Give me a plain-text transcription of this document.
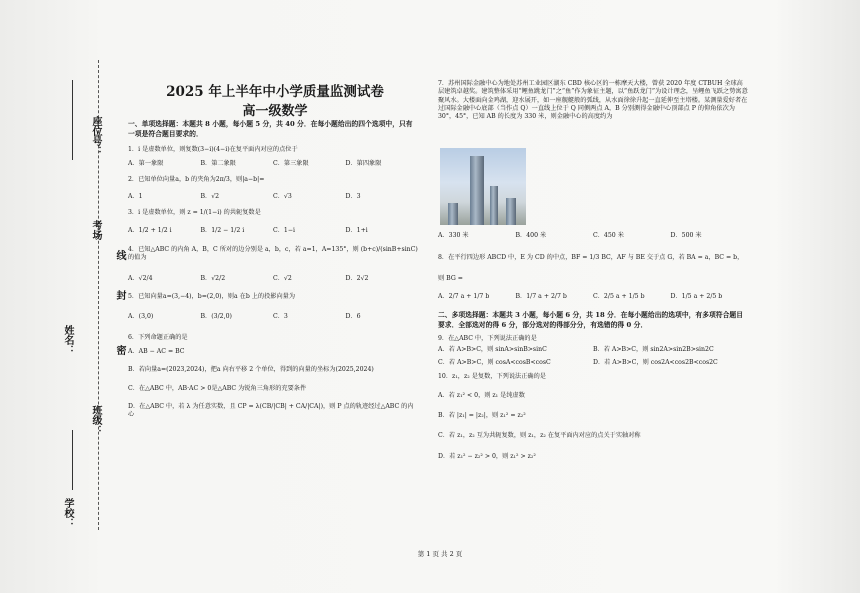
座位号：
考场
线
封
姓名：	密
班级：
学校：
2025 年上半年中小学质量监测试卷
高一级数学
一、单项选择题：本题共 8 小题，每小题 5 分，共 40 分．在每小题给出的四个选项中，只有一项是符合题目要求的．

1．i 是虚数单位，则复数(3−i)(4−i)在复平面内对应的点位于

A．第一象限	B．第二象限	C．第三象限	D．第四象限

2．已知单位向量a，b 的夹角为2π/3，则|a−b|=

A．1	B．√2	C．√3	D．3

3．i 是虚数单位，则 z = 1/(1−i) 的共轭复数是

A．1/2 + 1/2 i	B．1/2 − 1/2 i	C．1−i	D．1+i

4．已知△ABC 的内角 A，B，C 所对的边分别是 a，b，c，若 a=1，A=135°，则 (b+c)/(sinB+sinC) 的值为

A．√2/4	B．√2/2	C．√2	D．2√2

5．已知向量a=(3,−4)，b=(2,0)，则a 在b 上的投影向量为

A．(3,0)	B．(3/2,0)	C．3	D．6

6．下列命题正确的是

A．AB − AC = BC

B．若向量a=(2023,2024)，把a 向右平移 2 个单位，得到的向量的坐标为(2025,2024)

C．在△ABC 中，AB·AC > 0是△ABC 为锐角三角形的充要条件

D．在△ABC 中，若 λ 为任意实数，且 CP = λ(CB/|CB| + CA/|CA|)，则 P 点的轨迹经过△ABC 的内心

7．苏州国际金融中心为地处苏州工业园区湖东 CBD 核心区的一栋摩天大楼，曾获 2020 年度 CTBUH 全球高层建筑卓越奖。建筑整体采用“鲤鱼跳龙门”之“鱼”作为象征主题，以“鱼跃龙门”为设计理念，呈鲤鱼飞跃之势寓意聚风水。大楼面向金鸡湖，迎水展开，如一座舰艇般的弧线，从水面徐徐升起一直延伸至主塔楼。某测量爱好者在过国际金融中心底部（当作点 Q）一直线上位于 Q 同侧两点 A，B 分别测得金融中心顶部点 P 的仰角依次为 30°，45°，已知 AB 的长度为 330 米，则金融中心的高度约为

A．330 米	B．400 米	C．450 米	D．500 米

8．在平行四边形 ABCD 中，E 为 CD 的中点，BF = 1/3 BC，AF 与 BE 交于点 G，若 BA = a，BC = b，

则 BG =

A．2/7 a + 1/7 b	B．1/7 a + 2/7 b	C．2/5 a + 1/5 b	D．1/5 a + 2/5 b
二、多项选择题：本题共 3 小题，每小题 6 分，共 18 分．在每小题给出的选项中，有多项符合题目要求．全部选对的得 6 分，部分选对的得部分分，有选错的得 0 分．

9．在△ABC 中，下列说法正确的是

A．若 A>B>C，则 sinA>sinB>sinC	B．若 A>B>C，则 sin2A>sin2B>sin2C
C．若 A>B>C，则 cosA<cosB<cosC	D．若 A>B>C，则 cos2A<cos2B<cos2C

10．z₁，z₂ 是复数，下列说法正确的是

A．若 z₁² < 0，则 z₁ 是纯虚数

B．若 |z₁| = |z₂|，则 z₁² = z₂²

C．若 z₁，z₂ 互为共轭复数，则 z₁，z₂ 在复平面内对应的点关于实轴对称

D．若 z₁² − z₂² > 0，则 z₁² > z₂²

第 1 页 共 2 页
